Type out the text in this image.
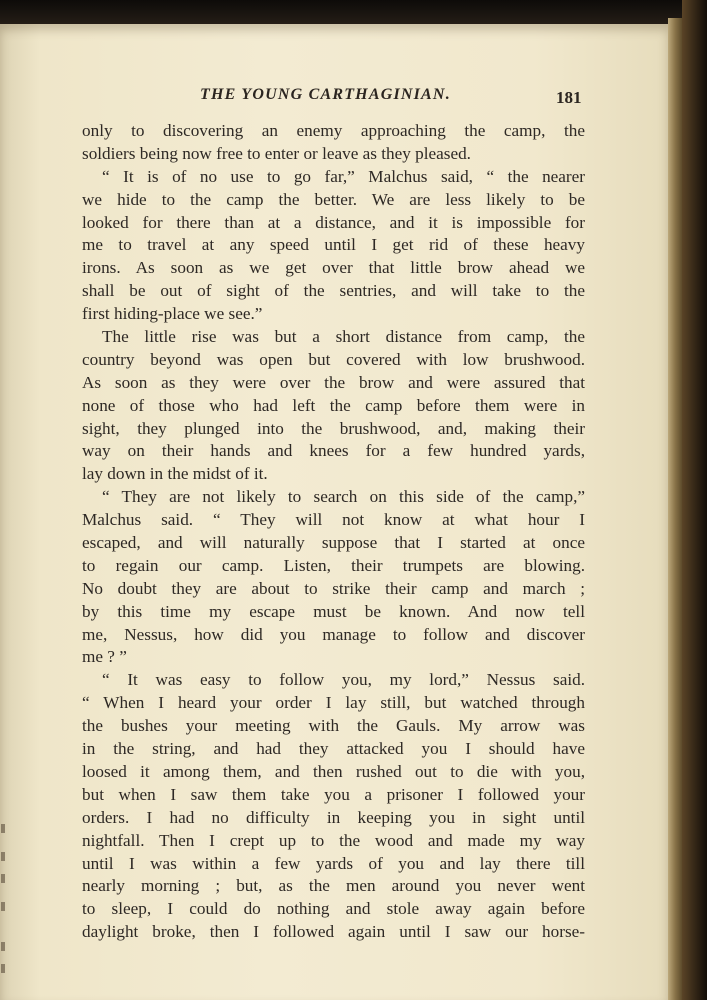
THE YOUNG CARTHAGINIAN.	181
only to discovering an enemy approaching the camp, the
soldiers being now free to enter or leave as they pleased.
“ It is of no use to go far,” Malchus said, “ the nearer
we hide to the camp the better. We are less likely to be
looked for there than at a distance, and it is impossible for
me to travel at any speed until I get rid of these heavy
irons. As soon as we get over that little brow ahead we
shall be out of sight of the sentries, and will take to the
first hiding-place we see.”
The little rise was but a short distance from camp, the
country beyond was open but covered with low brushwood.
As soon as they were over the brow and were assured that
none of those who had left the camp before them were in
sight, they plunged into the brushwood, and, making their
way on their hands and knees for a few hundred yards,
lay down in the midst of it.
“ They are not likely to search on this side of the camp,”
Malchus said. “ They will not know at what hour I
escaped, and will naturally suppose that I started at once
to regain our camp. Listen, their trumpets are blowing.
No doubt they are about to strike their camp and march ;
by this time my escape must be known. And now tell
me, Nessus, how did you manage to follow and discover
me ? ”
“ It was easy to follow you, my lord,” Nessus said.
“ When I heard your order I lay still, but watched through
the bushes your meeting with the Gauls. My arrow was
in the string, and had they attacked you I should have
loosed it among them, and then rushed out to die with you,
but when I saw them take you a prisoner I followed your
orders. I had no difficulty in keeping you in sight until
nightfall. Then I crept up to the wood and made my way
until I was within a few yards of you and lay there till
nearly morning ; but, as the men around you never went
to sleep, I could do nothing and stole away again before
daylight broke, then I followed again until I saw our horse-
